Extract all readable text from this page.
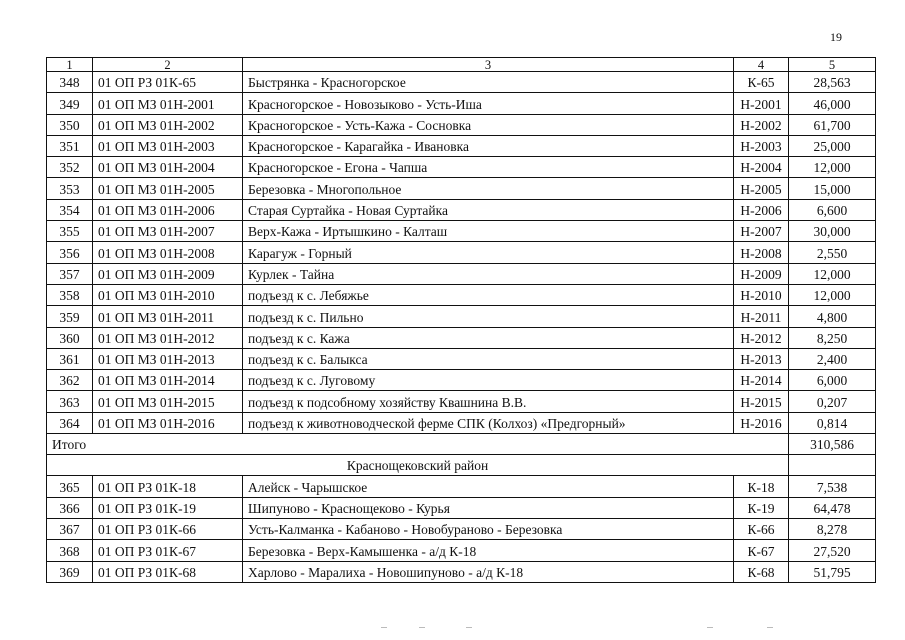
19
1	2	3	4	5
348	01 ОП РЗ 01К-65	Быстрянка - Красногорское	К-65	28,563
349	01 ОП МЗ 01Н-2001	Красногорское - Новозыково - Усть-Иша	Н-2001	46,000
350	01 ОП МЗ 01Н-2002	Красногорское - Усть-Кажа - Сосновка	Н-2002	61,700
351	01 ОП МЗ 01Н-2003	Красногорское - Карагайка - Ивановка	Н-2003	25,000
352	01 ОП МЗ 01Н-2004	Красногорское - Егона - Чапша	Н-2004	12,000
353	01 ОП МЗ 01Н-2005	Березовка - Многопольное	Н-2005	15,000
354	01 ОП МЗ 01Н-2006	Старая Суртайка - Новая Суртайка	Н-2006	6,600
355	01 ОП МЗ 01Н-2007	Верх-Кажа - Иртышкино - Калташ	Н-2007	30,000
356	01 ОП МЗ 01Н-2008	Карагуж - Горный	Н-2008	2,550
357	01 ОП МЗ 01Н-2009	Курлек - Тайна	Н-2009	12,000
358	01 ОП МЗ 01Н-2010	подъезд к с. Лебяжье	Н-2010	12,000
359	01 ОП МЗ 01Н-2011	подъезд к с. Пильно	Н-2011	4,800
360	01 ОП МЗ 01Н-2012	подъезд к с. Кажа	Н-2012	8,250
361	01 ОП МЗ 01Н-2013	подъезд к с. Балыкса	Н-2013	2,400
362	01 ОП МЗ 01Н-2014	подъезд к с. Луговому	Н-2014	6,000
363	01 ОП МЗ 01Н-2015	подъезд к подсобному хозяйству Квашнина В.В.	Н-2015	0,207
364	01 ОП МЗ 01Н-2016	подъезд к животноводческой ферме СПК (Колхоз) «Предгорный»	Н-2016	0,814
Итого				310,586
Краснощековский район				
365	01 ОП РЗ 01К-18	Алейск - Чарышское	К-18	7,538
366	01 ОП РЗ 01К-19	Шипуново - Краснощеково - Курья	К-19	64,478
367	01 ОП РЗ 01К-66	Усть-Калманка - Кабаново - Новобураново - Березовка	К-66	8,278
368	01 ОП РЗ 01К-67	Березовка - Верх-Камышенка - а/д К-18	К-67	27,520
369	01 ОП РЗ 01К-68	Харлово - Маралиха - Новошипуново - а/д К-18	К-68	51,795
